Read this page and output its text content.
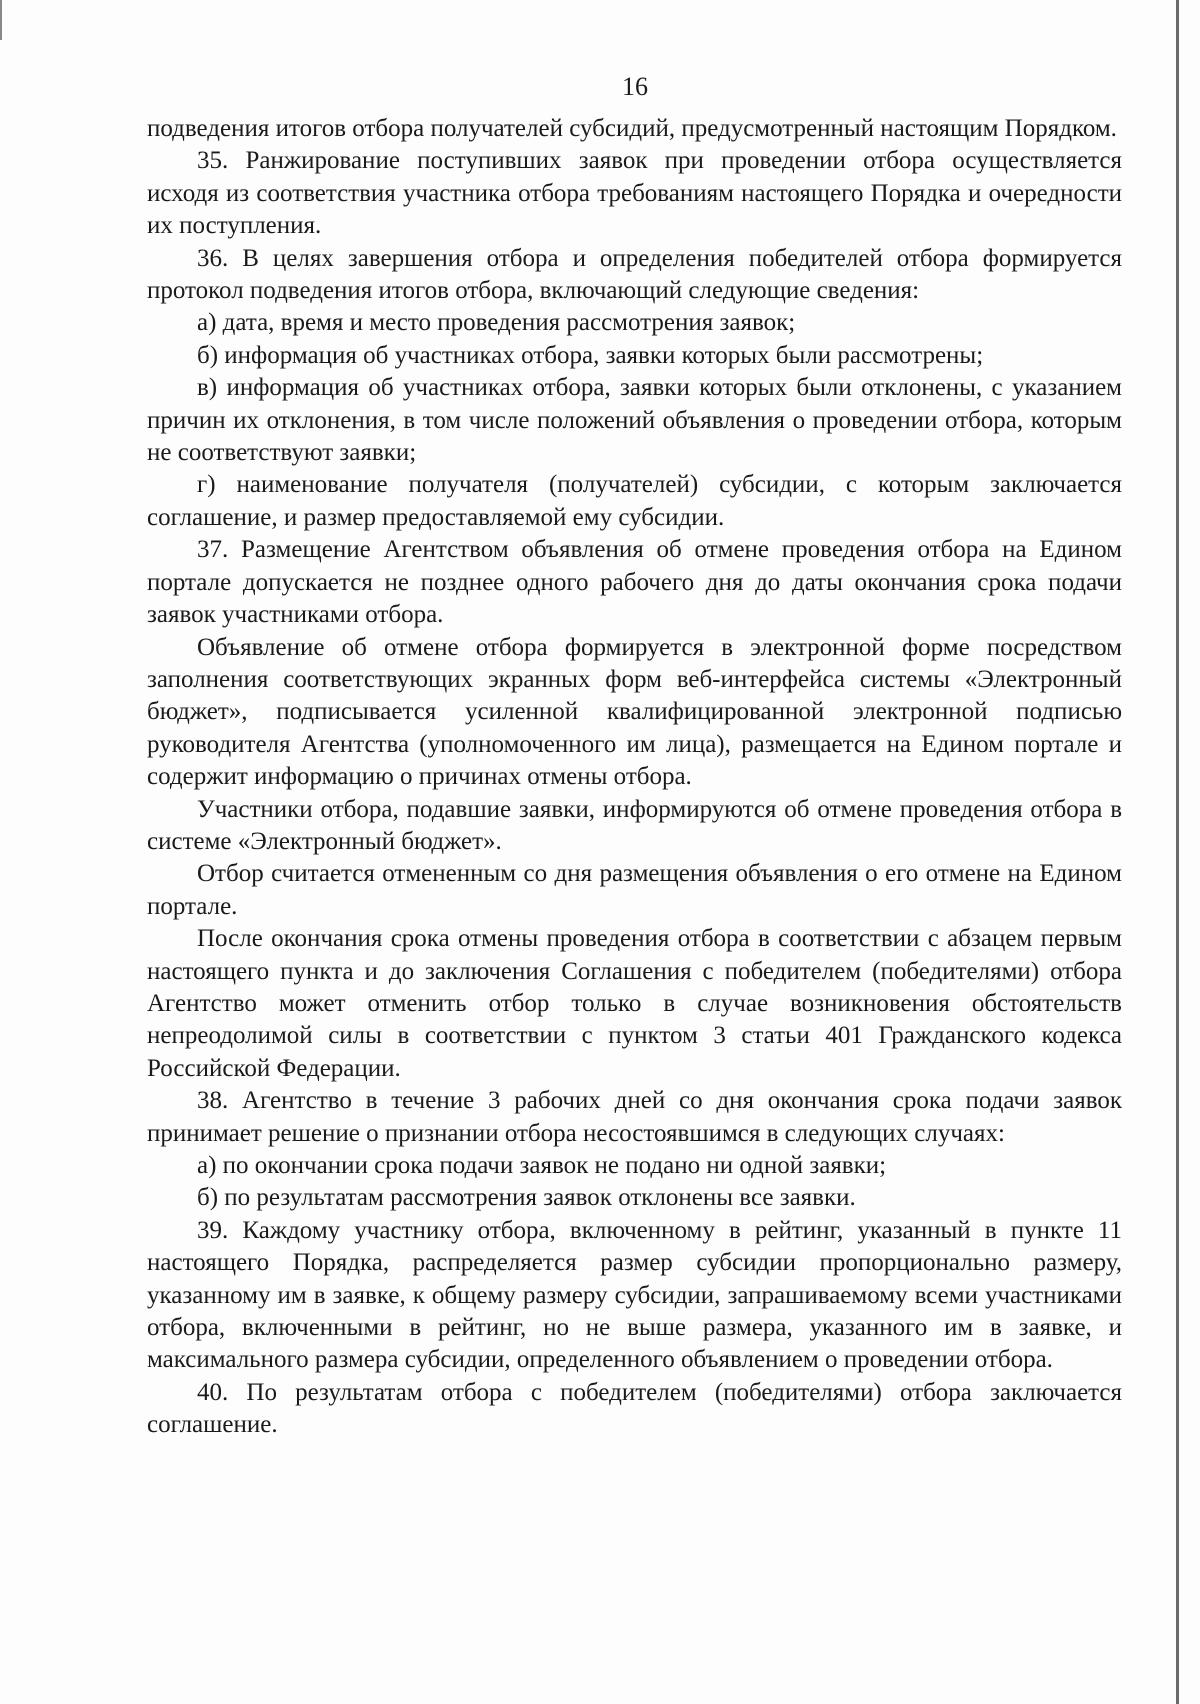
16

подведения итогов отбора получателей субсидий, предусмотренный настоящим Порядком.

35. Ранжирование поступивших заявок при проведении отбора осуществляется исходя из соответствия участника отбора требованиям настоящего Порядка и очередности их поступления.

36. В целях завершения отбора и определения победителей отбора формируется протокол подведения итогов отбора, включающий следующие сведения:

а) дата, время и место проведения рассмотрения заявок;

б) информация об участниках отбора, заявки которых были рассмотрены;

в) информация об участниках отбора, заявки которых были отклонены, с указанием причин их отклонения, в том числе положений объявления о проведении отбора, которым не соответствуют заявки;

г) наименование получателя (получателей) субсидии, с которым заключается соглашение, и размер предоставляемой ему субсидии.

37. Размещение Агентством объявления об отмене проведения отбора на Едином портале допускается не позднее одного рабочего дня до даты окончания срока подачи заявок участниками отбора.

Объявление об отмене отбора формируется в электронной форме посредством заполнения соответствующих экранных форм веб-интерфейса системы «Электронный бюджет», подписывается усиленной квалифицированной электронной подписью руководителя Агентства (уполномоченного им лица), размещается на Едином портале и содержит информацию о причинах отмены отбора.

Участники отбора, подавшие заявки, информируются об отмене проведения отбора в системе «Электронный бюджет».

Отбор считается отмененным со дня размещения объявления о его отмене на Едином портале.

После окончания срока отмены проведения отбора в соответствии с абзацем первым настоящего пункта и до заключения Соглашения с победителем (победителями) отбора Агентство может отменить отбор только в случае возникновения обстоятельств непреодолимой силы в соответствии с пунктом 3 статьи 401 Гражданского кодекса Российской Федерации.

38. Агентство в течение 3 рабочих дней со дня окончания срока подачи заявок принимает решение о признании отбора несостоявшимся в следующих случаях:

а) по окончании срока подачи заявок не подано ни одной заявки;

б) по результатам рассмотрения заявок отклонены все заявки.

39. Каждому участнику отбора, включенному в рейтинг, указанный в пункте 11 настоящего Порядка, распределяется размер субсидии пропорционально размеру, указанному им в заявке, к общему размеру субсидии, запрашиваемому всеми участниками отбора, включенными в рейтинг, но не выше размера, указанного им в заявке, и максимального размера субсидии, определенного объявлением о проведении отбора.

40. По результатам отбора с победителем (победителями) отбора заключается соглашение.
